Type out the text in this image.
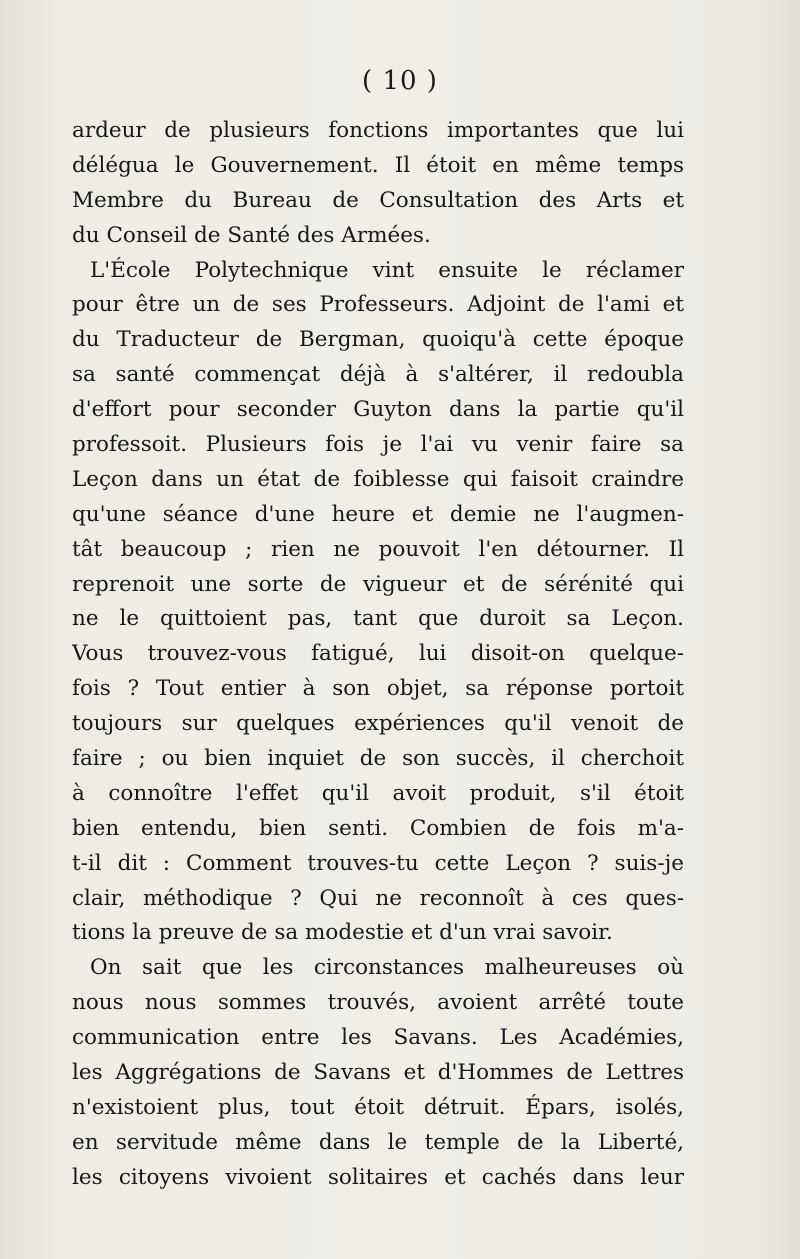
( 10 )
ardeur de plusieurs fonctions importantes que lui
délégua le Gouvernement. Il étoit en même temps
Membre du Bureau de Consultation des Arts et
du Conseil de Santé des Armées.
L'École Polytechnique vint ensuite le réclamer
pour être un de ses Professeurs. Adjoint de l'ami et
du Traducteur de Bergman, quoiqu'à cette époque
sa santé commençat déjà à s'altérer, il redoubla
d'effort pour seconder Guyton dans la partie qu'il
professoit. Plusieurs fois je l'ai vu venir faire sa
Leçon dans un état de foiblesse qui faisoit craindre
qu'une séance d'une heure et demie ne l'augmen-
tât beaucoup ; rien ne pouvoit l'en détourner. Il
reprenoit une sorte de vigueur et de sérénité qui
ne le quittoient pas, tant que duroit sa Leçon.
Vous trouvez-vous fatigué, lui disoit-on quelque-
fois ? Tout entier à son objet, sa réponse portoit
toujours sur quelques expériences qu'il venoit de
faire ; ou bien inquiet de son succès, il cherchoit
à connoître l'effet qu'il avoit produit, s'il étoit
bien entendu, bien senti. Combien de fois m'a-
t-il dit : Comment trouves-tu cette Leçon ? suis-je
clair, méthodique ? Qui ne reconnoît à ces ques-
tions la preuve de sa modestie et d'un vrai savoir.
On sait que les circonstances malheureuses où
nous nous sommes trouvés, avoient arrêté toute
communication entre les Savans. Les Académies,
les Aggrégations de Savans et d'Hommes de Lettres
n'existoient plus, tout étoit détruit. Épars, isolés,
en servitude même dans le temple de la Liberté,
les citoyens vivoient solitaires et cachés dans leur
